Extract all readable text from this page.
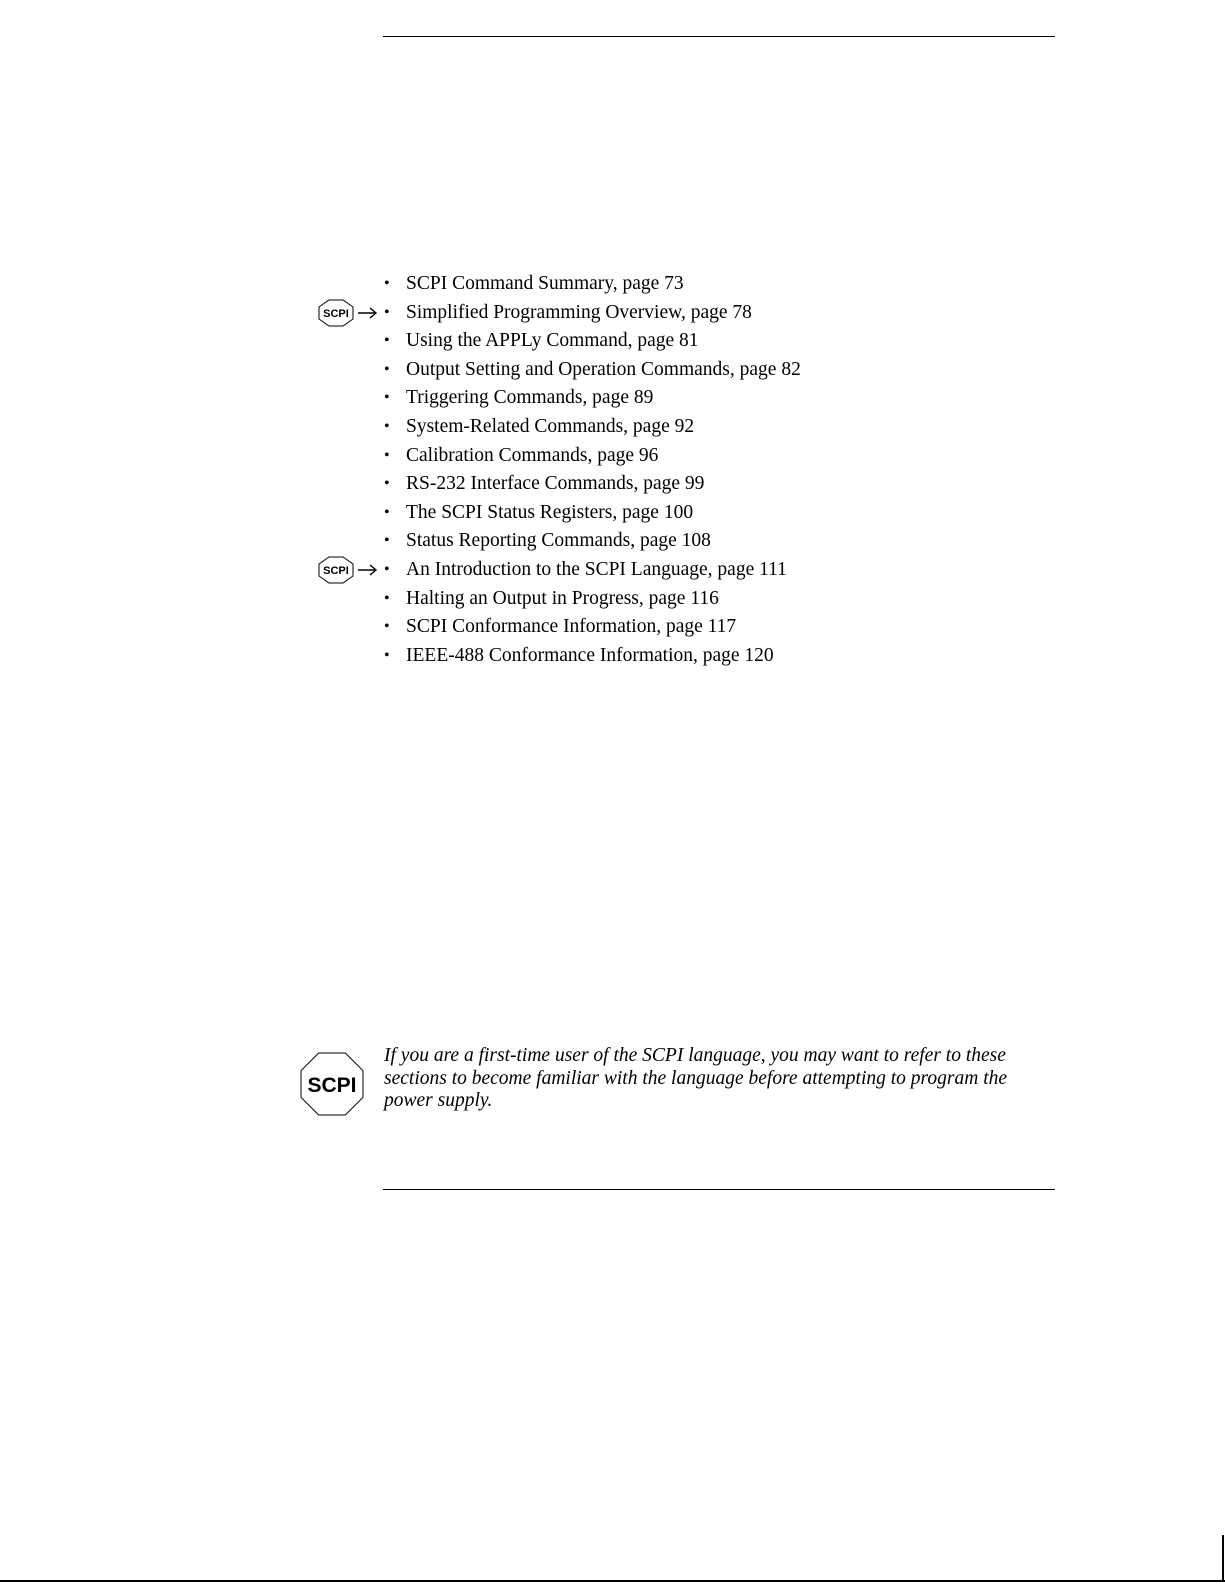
• SCPI Command Summary, page 73
SCPI • Simplified Programming Overview, page 78
• Using the APPLy Command, page 81
• Output Setting and Operation Commands, page 82
• Triggering Commands, page 89
• System-Related Commands, page 92
• Calibration Commands, page 96
• RS-232 Interface Commands, page 99
• The SCPI Status Registers, page 100
• Status Reporting Commands, page 108
SCPI • An Introduction to the SCPI Language, page 111
• Halting an Output in Progress, page 116
• SCPI Conformance Information, page 117
• IEEE-488 Conformance Information, page 120
SCPI

If you are a first-time user of the SCPI language, you may want to refer to these sections to become familiar with the language before attempting to program the power supply.
